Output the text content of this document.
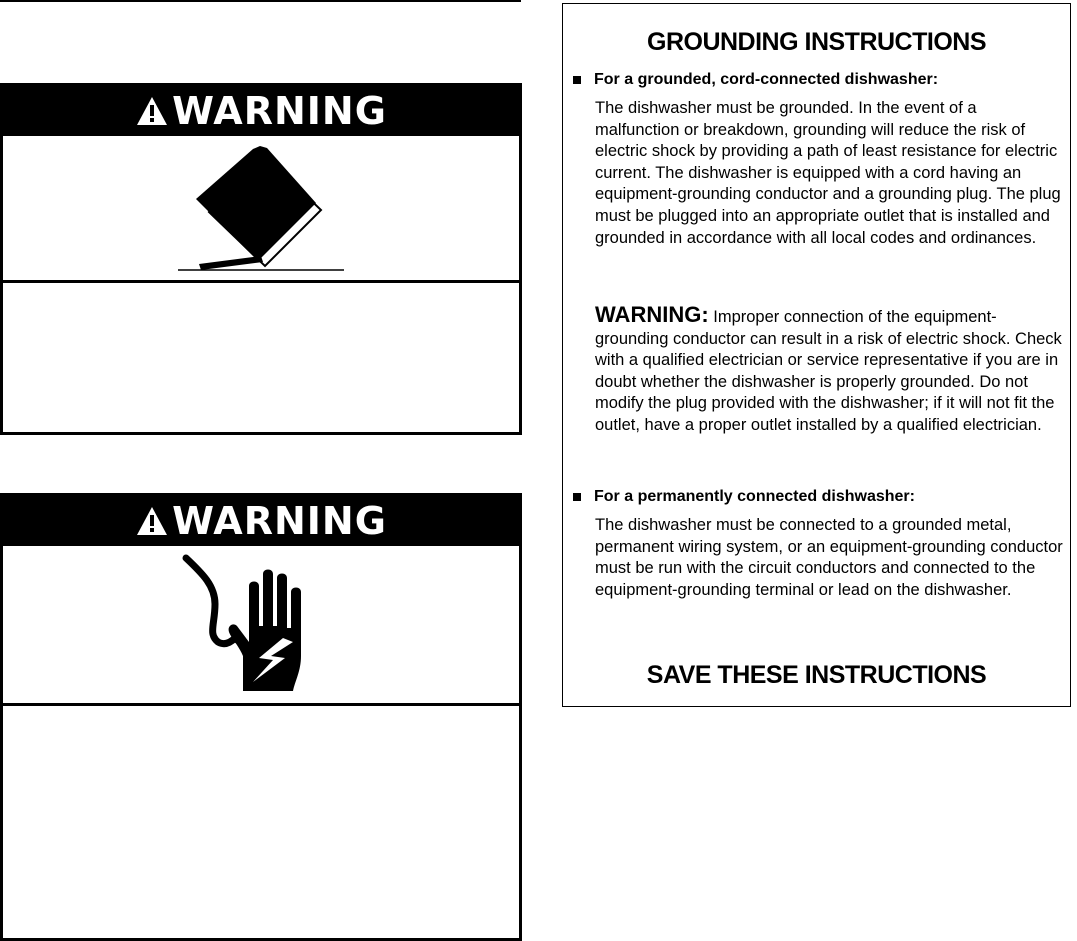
WARNING
WARNING
GROUNDING INSTRUCTIONS
For a grounded, cord-connected dishwasher:
The dishwasher must be grounded. In the event of a malfunction or breakdown, grounding will reduce the risk of electric shock by providing a path of least resistance for electric current. The dishwasher is equipped with a cord having an equipment-grounding conductor and a grounding plug. The plug must be plugged into an appropriate outlet that is installed and grounded in accordance with all local codes and ordinances.
WARNING: Improper connection of the equipment-grounding conductor can result in a risk of electric shock. Check with a qualified electrician or service representative if you are in doubt whether the dishwasher is properly grounded. Do not modify the plug provided with the dishwasher; if it will not fit the outlet, have a proper outlet installed by a qualified electrician.
For a permanently connected dishwasher:
The dishwasher must be connected to a grounded metal, permanent wiring system, or an equipment-grounding conductor must be run with the circuit conductors and connected to the equipment-grounding terminal or lead on the dishwasher.
SAVE THESE INSTRUCTIONS
